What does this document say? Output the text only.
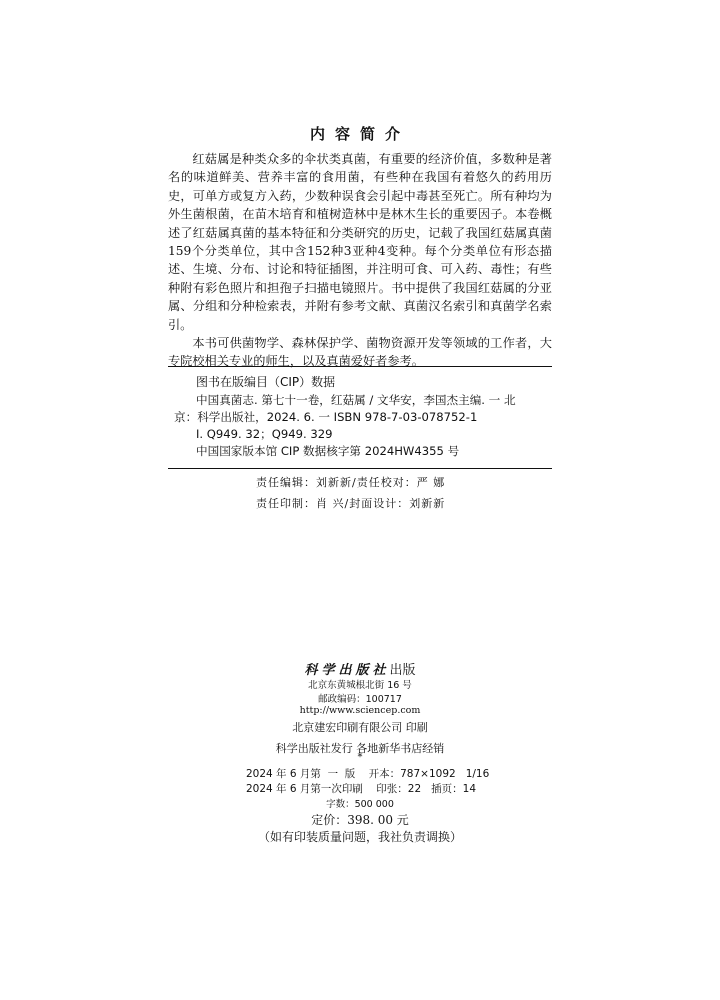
内容简介

红菇属是种类众多的伞状类真菌，有重要的经济价值，多数种是著名的味道鲜美、营养丰富的食用菌，有些种在我国有着悠久的药用历史，可单方或复方入药，少数种误食会引起中毒甚至死亡。所有种均为外生菌根菌，在苗木培育和植树造林中是林木生长的重要因子。本卷概述了红菇属真菌的基本特征和分类研究的历史，记载了我国红菇属真菌159个分类单位，其中含152种3亚种4变种。每个分类单位有形态描述、生境、分布、讨论和特征插图，并注明可食、可入药、毒性；有些种附有彩色照片和担孢子扫描电镜照片。书中提供了我国红菇属的分亚属、分组和分种检索表，并附有参考文献、真菌汉名索引和真菌学名索引。

本书可供菌物学、森林保护学、菌物资源开发等领域的工作者，大专院校相关专业的师生，以及真菌爱好者参考。

图书在版编目（CIP）数据
中国真菌志. 第七十一卷，红菇属 / 文华安，李国杰主编. 一 北
京：科学出版社，2024. 6. 一 ISBN 978-7-03-078752-1
Ⅰ. Q949. 32；Q949. 329
中国国家版本馆 CIP 数据核字第 2024HW4355 号
责任编辑：刘新新/责任校对：严 娜
责任印制：肖 兴/封面设计：刘新新
科学出版社出版
北京东黄城根北街 16 号
邮政编码：100717
http://www.sciencep.com
北京建宏印刷有限公司 印刷
科学出版社发行 各地新华书店经销
*
2024 年 6 月第  一  版    开本：787×1092   1/16
2024 年 6 月第一次印刷    印张：22   插页：14
字数：500 000
定价：398. 00 元
（如有印装质量问题，我社负责调换）
